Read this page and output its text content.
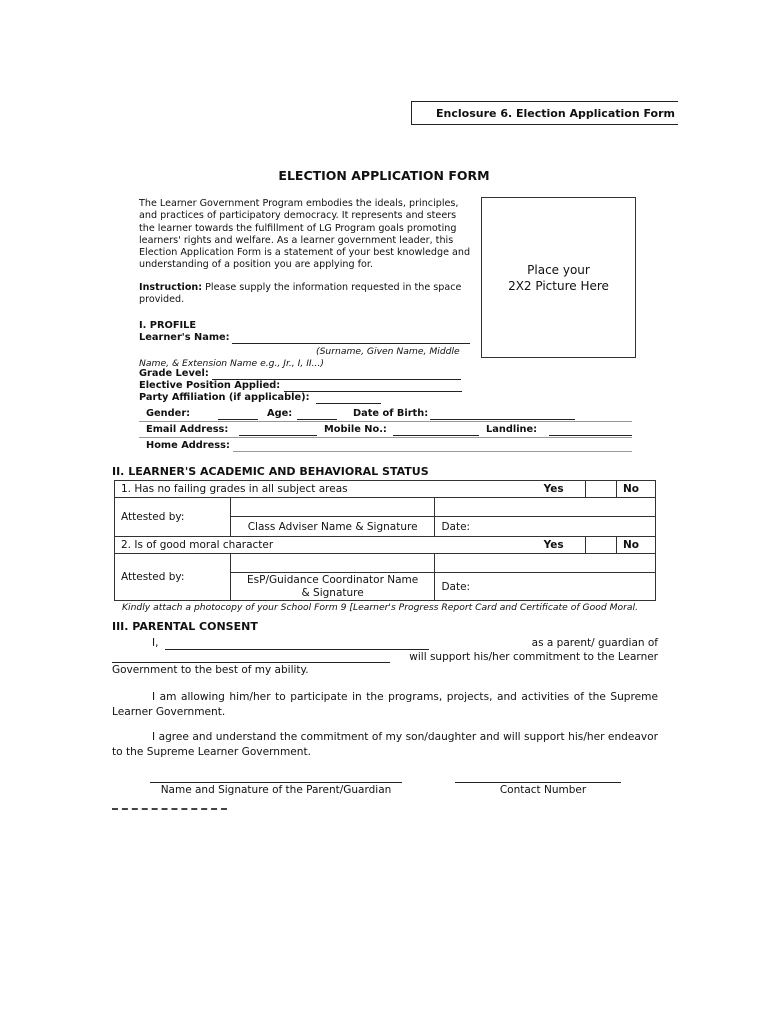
Enclosure 6. Election Application Form
ELECTION APPLICATION FORM
The Learner Government Program embodies the ideals, principles, and practices of participatory democracy. It represents and steers the learner towards the fulfillment of LG Program goals promoting learners' rights and welfare. As a learner government leader, this Election Application Form is a statement of your best knowledge and understanding of a position you are applying for.	Place your
2X2 Picture Here
Instruction: Please supply the information requested in the space provided.
I. PROFILE
Learner's Name:
(Surname, Given Name, Middle
Name, & Extension Name e.g., Jr., I, II...)
Grade Level:
Elective Position Applied:
Party Affiliation (if applicable):
Gender:	Age:	Date of Birth:
Email Address:	Mobile No.:	Landline:
Home Address:
II. LEARNER'S ACADEMIC AND BEHAVIORAL STATUS
1. Has no failing grades in all subject areas			Yes		No
Attested by:					
	Class Adviser Name & Signature	Date:			
2. Is of good moral character			Yes		No
Attested by:					

	EsP/Guidance Coordinator Name
& Signature	Date:			
Kindly attach a photocopy of your School Form 9 [Learner's Progress Report Card and Certificate of Good Moral.
III. PARENTAL CONSENT
I,	as a parent/ guardian of
will support his/her commitment to the Learner
Government to the best of my ability.
I am allowing him/her to participate in the programs, projects, and activities of the Supreme Learner Government.
I agree and understand the commitment of my son/daughter and will support his/her endeavor to the Supreme Learner Government.
Name and Signature of the Parent/Guardian	Contact Number
